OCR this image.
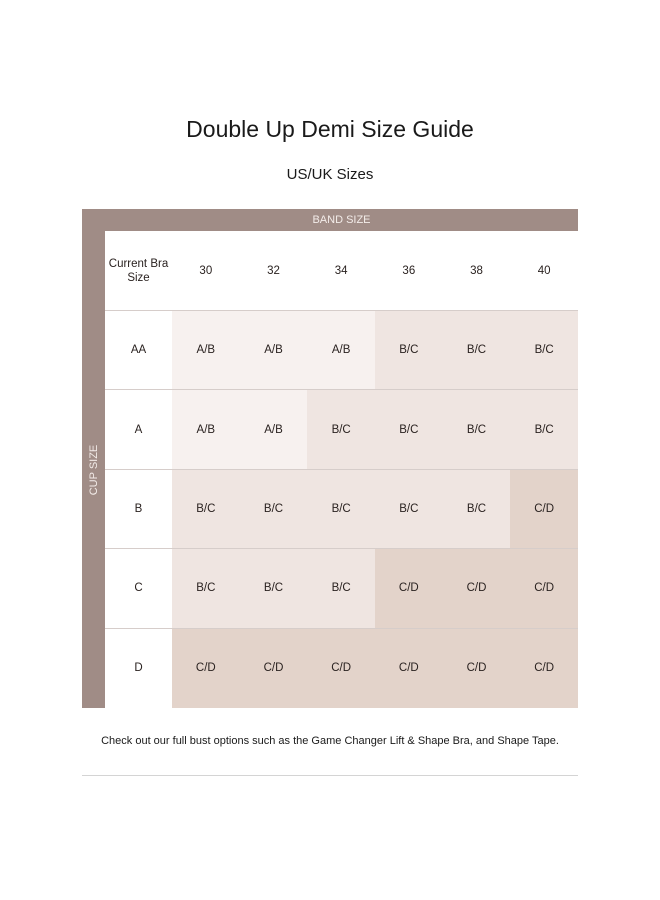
Double Up Demi Size Guide
US/UK Sizes
BAND SIZE
CUP SIZE
Current Bra Size
30	32	34	36	38	40
AA	A/B	A/B	A/B	B/C	B/C	B/C
A	A/B	A/B	B/C	B/C	B/C	B/C
B	B/C	B/C	B/C	B/C	B/C	C/D
C	B/C	B/C	B/C	C/D	C/D	C/D
D	C/D	C/D	C/D	C/D	C/D	C/D
Check out our full bust options such as the Game Changer Lift & Shape Bra, and Shape Tape.
